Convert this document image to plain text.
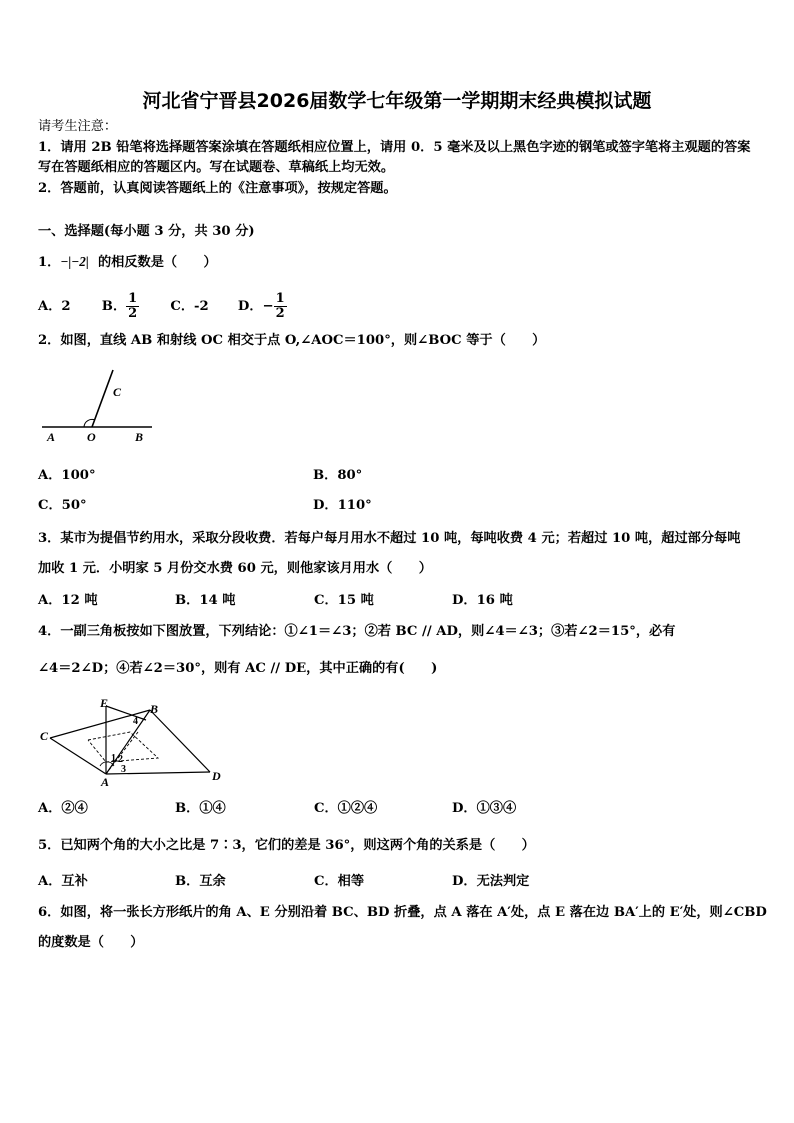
河北省宁晋县2026届数学七年级第一学期期末经典模拟试题
请考生注意：
1．请用 2B 铅笔将选择题答案涂填在答题纸相应位置上，请用 0．5 毫米及以上黑色字迹的钢笔或签字笔将主观题的答案写在答题纸相应的答题区内。写在试题卷、草稿纸上均无效。
2．答题前，认真阅读答题纸上的《注意事项》，按规定答题。
一、选择题(每小题 3 分，共 30 分)
1．−|−2| 的相反数是（　　）
A．2 B． $\frac{1}{2}$ C．-2 D．− $\frac{1}{2}$
2．如图，直线 AB 和射线 OC 相交于点 O,∠AOC＝100°，则∠BOC 等于（　　）
C
A	O	B
A．100°	B．80°
C．50°	D．110°
3．某市为提倡节约用水，采取分段收费．若每户每月用水不超过 10 吨，每吨收费 4 元；若超过 10 吨，超过部分每吨
加收 1 元．小明家 5 月份交水费 60 元，则他家该月用水（　　）
A．12 吨	B．14 吨	C．15 吨	D．16 吨
4．一副三角板按如下图放置，下列结论：①∠1＝∠3；②若 BC // AD，则∠4＝∠3；③若∠2＝15°，必有
∠4＝2∠D；④若∠2＝30°，则有 AC // DE，其中正确的有(　　)
E	B
C
A	D
1 2
3
4
A．②④	B．①④	C．①②④	D．①③④
5．已知两个角的大小之比是 7∶3，它们的差是 36°，则这两个角的关系是（　　）
A．互补	B．互余	C．相等	D．无法判定
6．如图，将一张长方形纸片的角 A、E 分别沿着 BC、BD 折叠，点 A 落在 A′处，点 E 落在边 BA′上的 E′处，则∠CBD
的度数是（　　）
